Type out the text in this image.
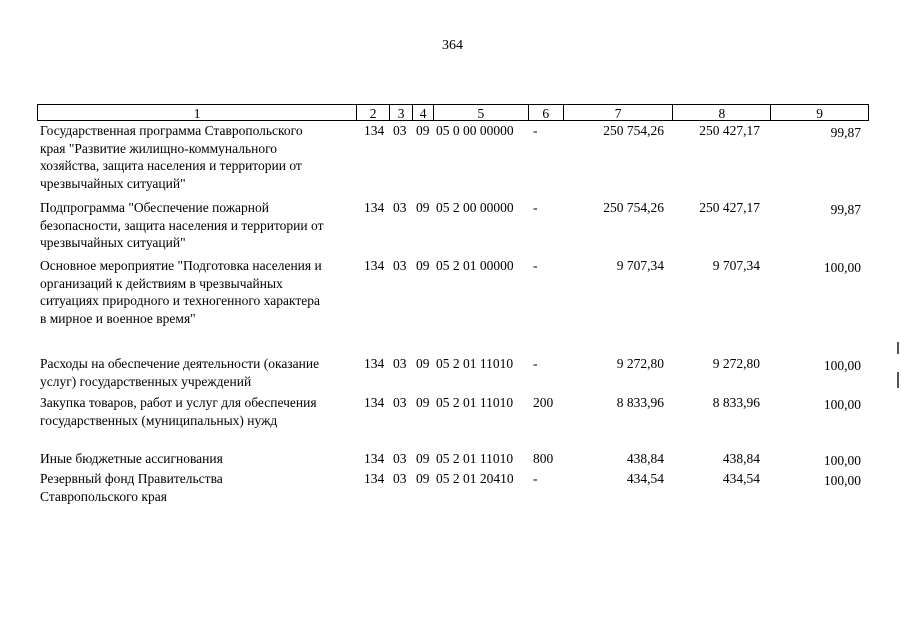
364
1	2	3	4	5	6	7	8	9
Государственная программа Ставропольского
края "Развитие жилищно-коммунального
хозяйства, защита населения и территории от
чрезвычайных ситуаций"
134 03 09 05 0 00 00000	-	250 754,26	250 427,17	99,87
Подпрограмма "Обеспечение пожарной
безопасности, защита населения и территории от
чрезвычайных ситуаций"
134 03 09 05 2 00 00000	-	250 754,26	250 427,17	99,87
Основное мероприятие "Подготовка населения и
организаций к действиям в чрезвычайных
ситуациях природного и техногенного характера
в мирное и военное время"
134 03 09 05 2 01 00000	-	9 707,34	9 707,34	100,00
Расходы на обеспечение деятельности (оказание
услуг) государственных учреждений
134 03 09 05 2 01 11010	-	9 272,80	9 272,80	100,00
Закупка товаров, работ и услуг для обеспечения
государственных (муниципальных) нужд
134 03 09 05 2 01 11010	200	8 833,96	8 833,96	100,00
Иные бюджетные ассигнования	134 03 09 05 2 01 11010	800	438,84	438,84	100,00
Резервный фонд Правительства
Ставропольского края
134 03 09 05 2 01 20410	-	434,54	434,54	100,00
